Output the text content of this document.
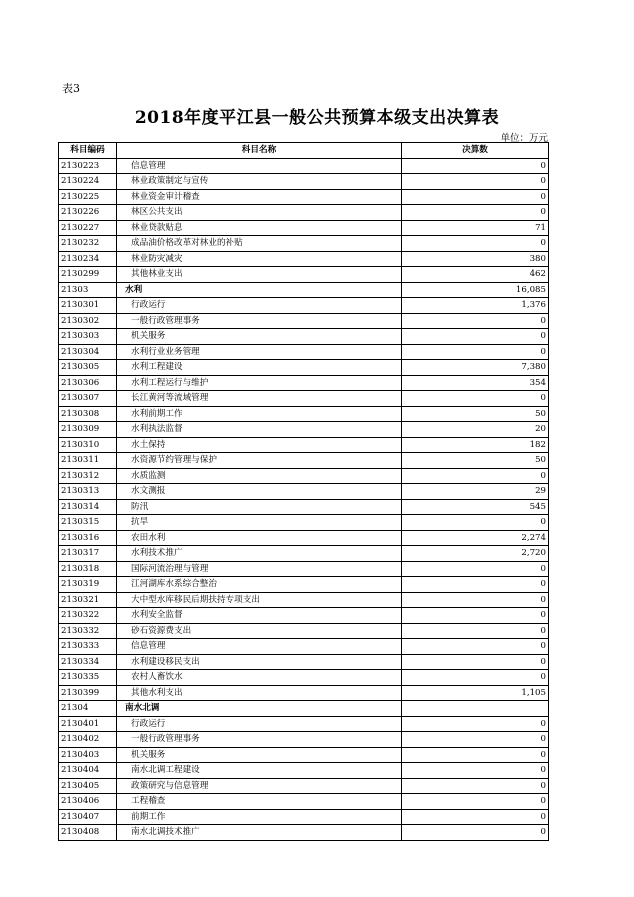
表3
2018年度平江县一般公共预算本级支出决算表
单位：万元
科目编码	科目名称	决算数
2130223	信息管理	0
2130224	林业政策制定与宣传	0
2130225	林业资金审计稽查	0
2130226	林区公共支出	0
2130227	林业贷款贴息	71
2130232	成品油价格改革对林业的补贴	0
2130234	林业防灾减灾	380
2130299	其他林业支出	462
21303	水利	16,085
2130301	行政运行	1,376
2130302	一般行政管理事务	0
2130303	机关服务	0
2130304	水利行业业务管理	0
2130305	水利工程建设	7,380
2130306	水利工程运行与维护	354
2130307	长江黄河等流域管理	0
2130308	水利前期工作	50
2130309	水利执法监督	20
2130310	水土保持	182
2130311	水资源节约管理与保护	50
2130312	水质监测	0
2130313	水文测报	29
2130314	防汛	545
2130315	抗旱	0
2130316	农田水利	2,274
2130317	水利技术推广	2,720
2130318	国际河流治理与管理	0
2130319	江河湖库水系综合整治	0
2130321	大中型水库移民后期扶持专项支出	0
2130322	水利安全监督	0
2130332	砂石资源费支出	0
2130333	信息管理	0
2130334	水利建设移民支出	0
2130335	农村人畜饮水	0
2130399	其他水利支出	1,105
21304	南水北调	
2130401	行政运行	0
2130402	一般行政管理事务	0
2130403	机关服务	0
2130404	南水北调工程建设	0
2130405	政策研究与信息管理	0
2130406	工程稽查	0
2130407	前期工作	0
2130408	南水北调技术推广	0
